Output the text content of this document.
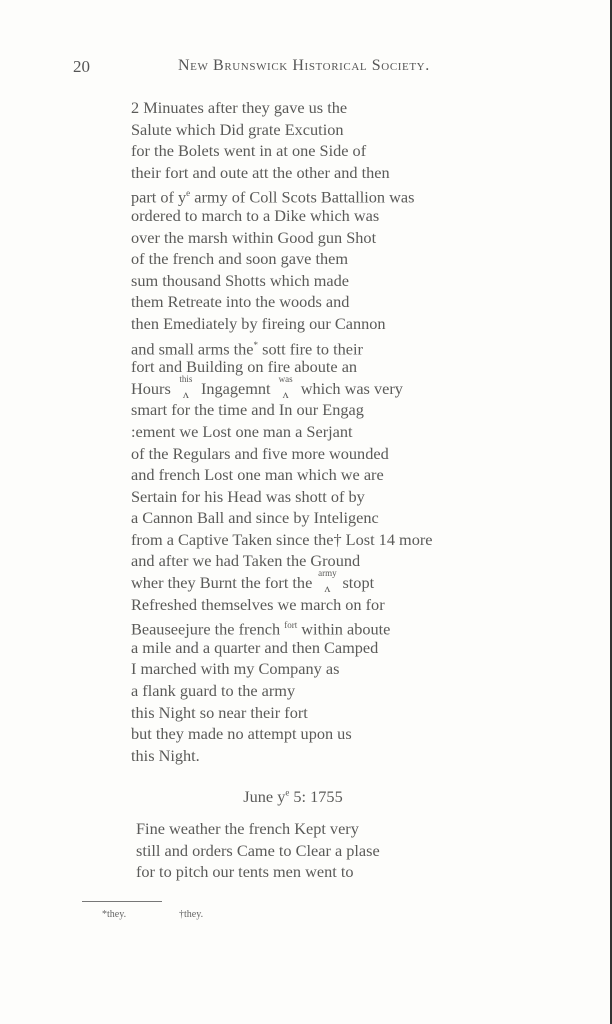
20	New Brunswick Historical Society.
2 Minuates after they gave us the
Salute which Did grate Excution
for the Bolets went in at one Side of
their fort and oute att the other and then
part of $y^e$ army of Coll Scots Battallion was
ordered to march to a Dike which was
over the marsh within Good gun Shot
of the french and soon gave them
sum thousand Shotts which made
them Retreate into the woods and
then Emediately by fireing our Cannon
and small arms the* sott fire to their
fort and Building on fire aboute an
Hours this
ʌ Ingagemnt was
ʌ which was very
smart for the time and In our Engag
:ement we Lost one man a Serjant
of the Regulars and five more wounded
and french Lost one man which we are
Sertain for his Head was shott of by
a Cannon Ball and since by Inteligenc
from a Captive Taken since the† Lost 14 more
and after we had Taken the Ground
wher they Burnt the fort the army
ʌ stopt
Refreshed themselves we march on for
Beauseejure the french $^{fort}$ within aboute
a mile and a quarter and then Camped
I marched with my Company as
a flank guard to the army
this Night so near their fort
but they made no attempt upon us
this Night.
June $y^e$ 5: 1755
Fine weather the french Kept very
still and orders Came to Clear a plase
for to pitch our tents men went to
*they.	†they.
